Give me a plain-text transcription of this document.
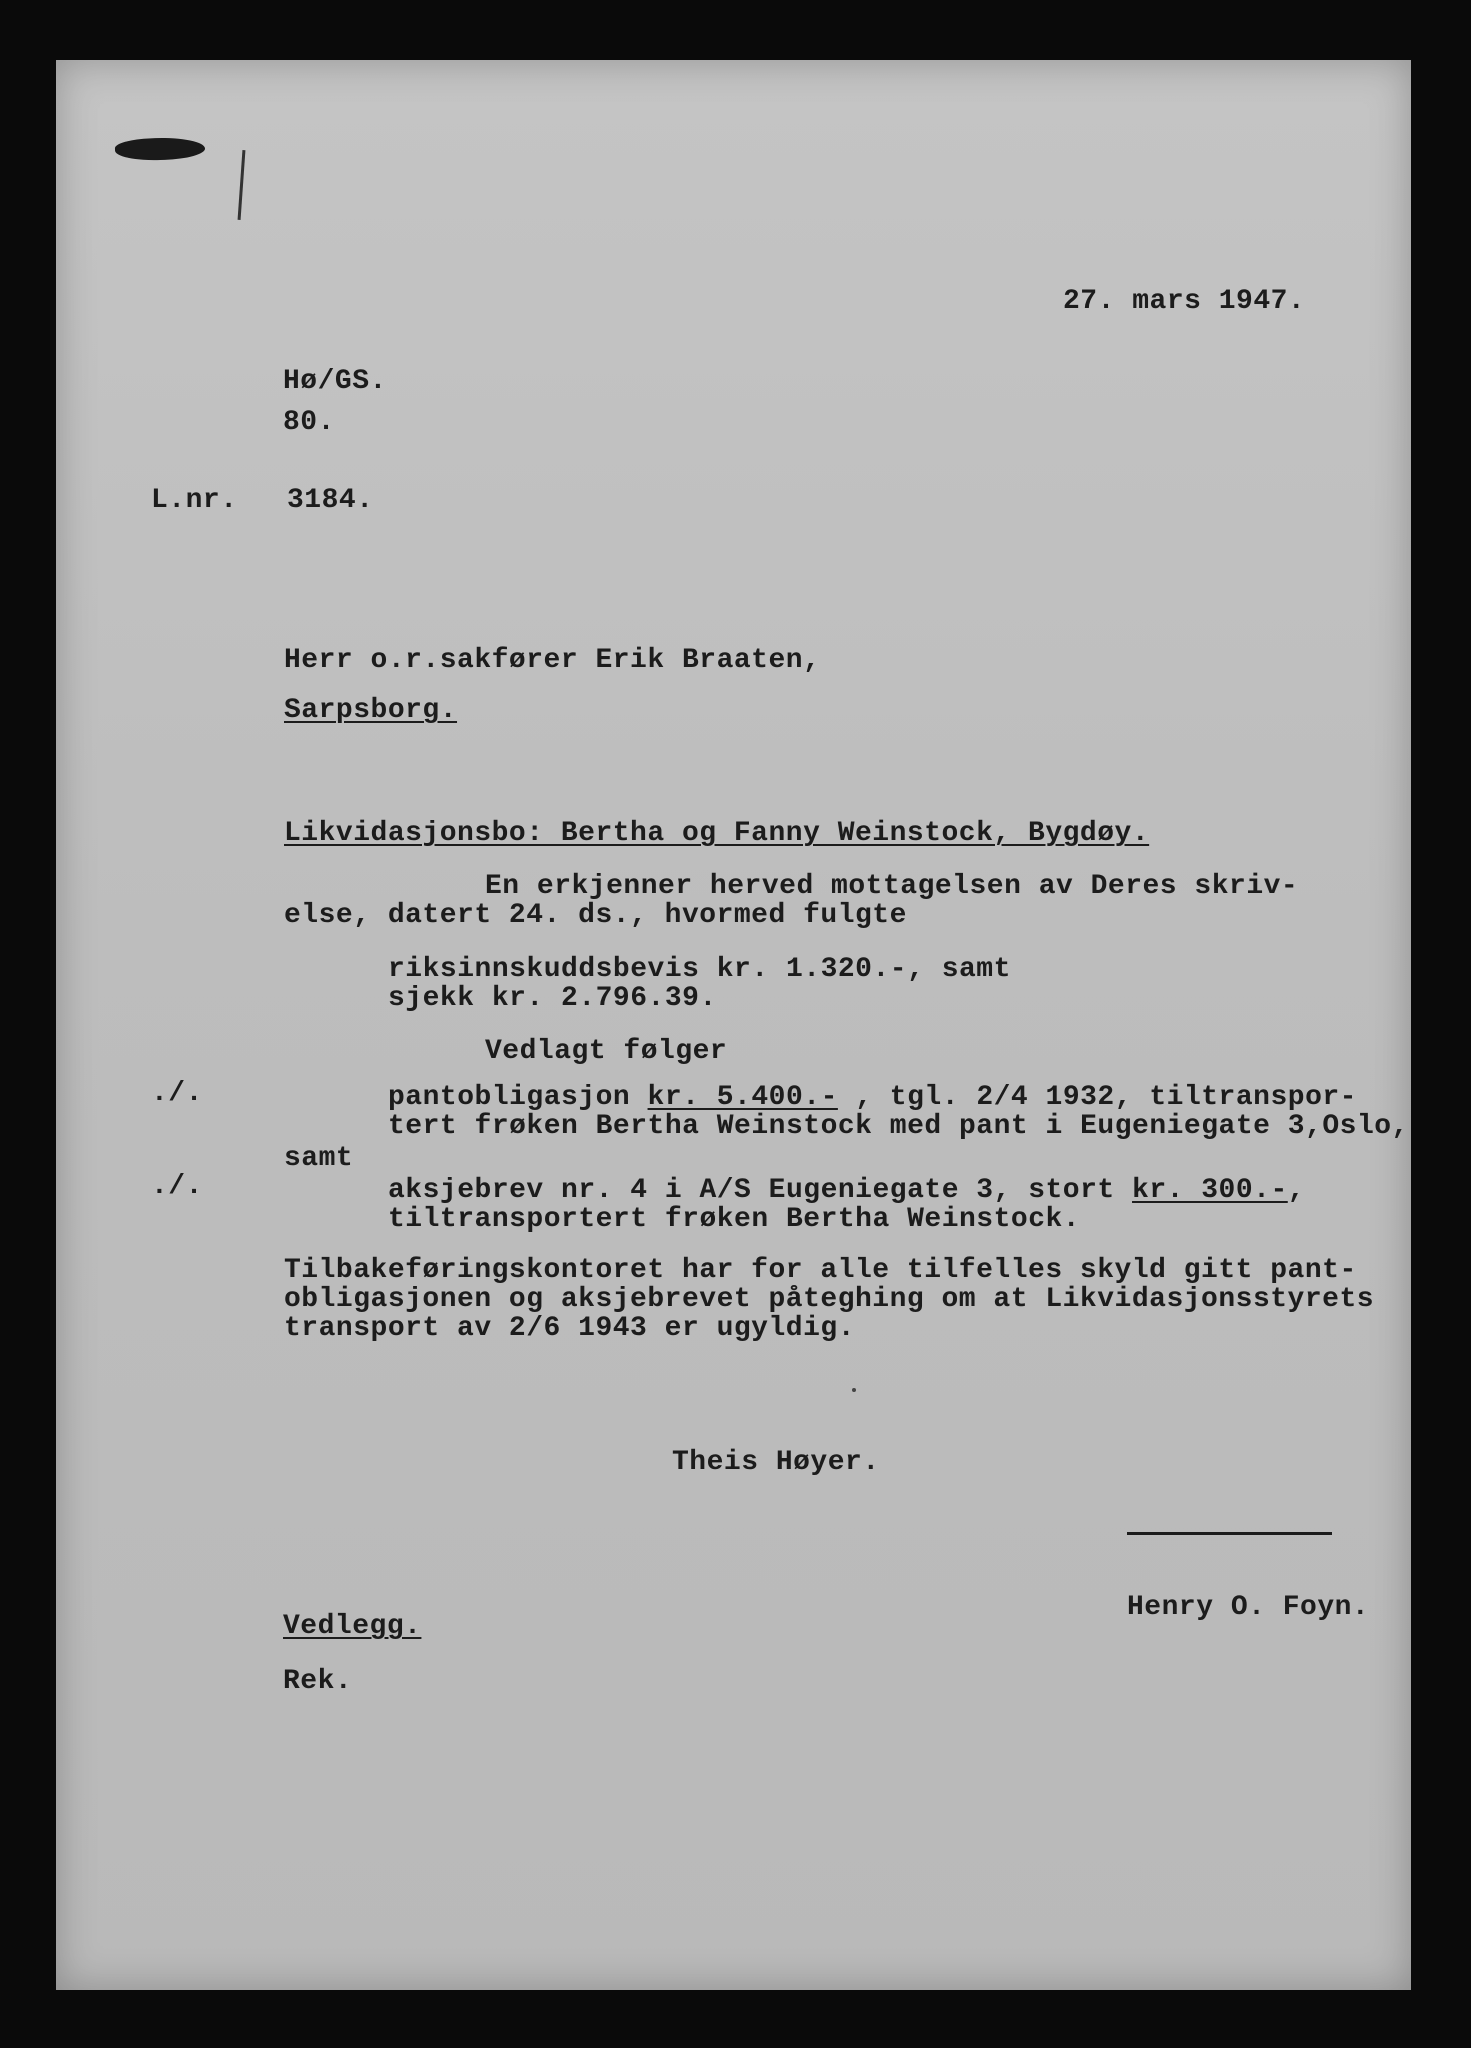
27. mars 1947.
Hø/GS.
80.
L.nr. 3184.
Herr o.r.sakfører Erik Braaten,
Sarpsborg.
Likvidasjonsbo: Bertha og Fanny Weinstock, Bygdøy.
En erkjenner herved mottagelsen av Deres skriv-
else, datert 24. ds., hvormed fulgte
riksinnskuddsbevis kr. 1.320.-, samt
sjekk kr. 2.796.39.
Vedlagt følger
./.	pantobligasjon kr. 5.400.- , tgl. 2/4 1932, tiltranspor-
tert frøken Bertha Weinstock med pant i Eugeniegate 3,Oslo,
samt
./.	aksjebrev nr. 4 i A/S Eugeniegate 3, stort kr. 300.-,
tiltransportert frøken Bertha Weinstock.
Tilbakeføringskontoret har for alle tilfelles skyld gitt pant-
obligasjonen og aksjebrevet påteghing om at Likvidasjonsstyrets
transport av 2/6 1943 er ugyldig.
Theis Høyer.
Henry O. Foyn.
Vedlegg.
Rek.
